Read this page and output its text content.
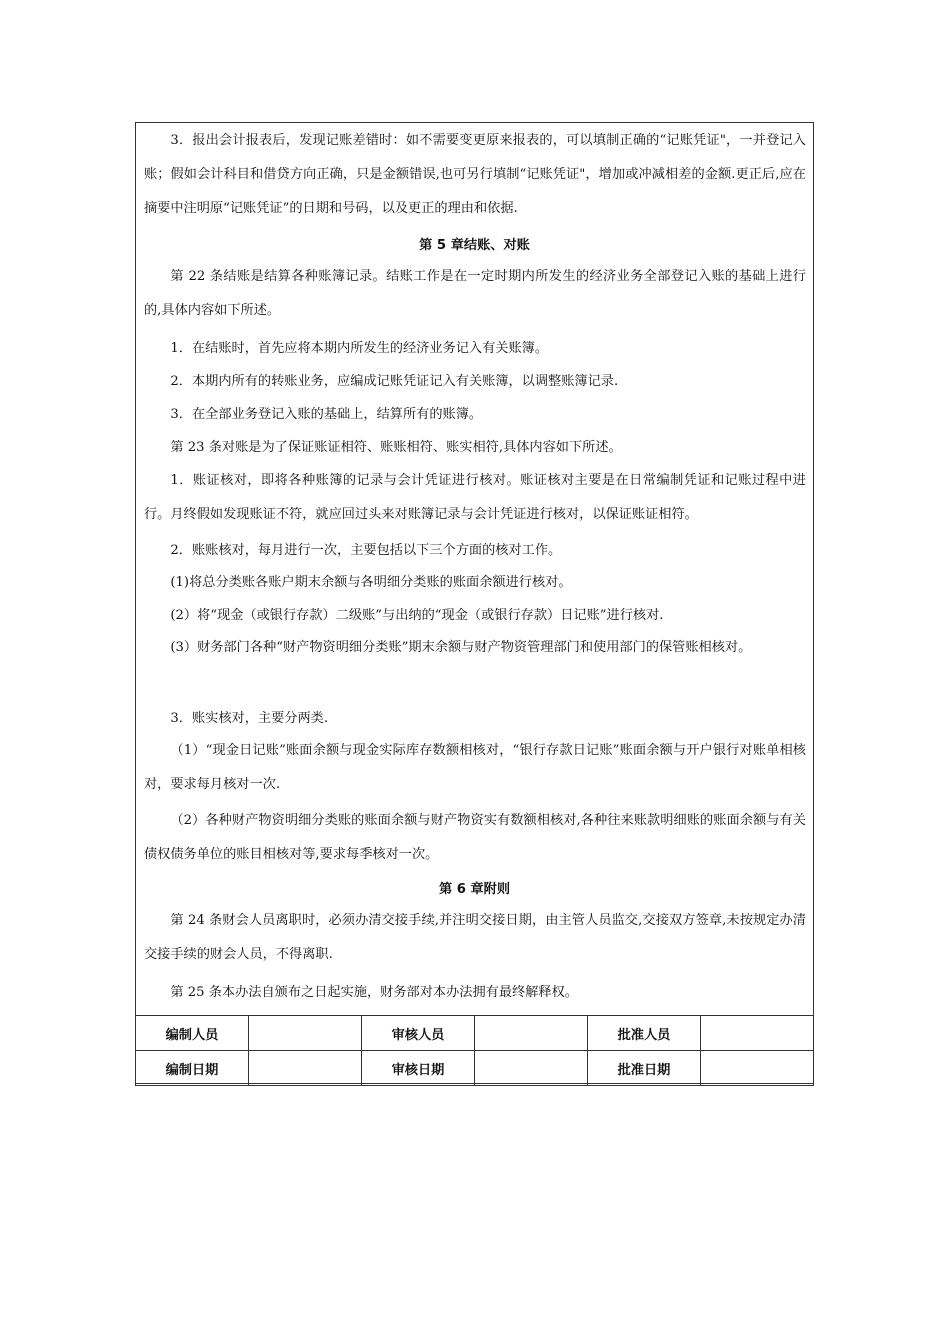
3．报出会计报表后，发现记账差错时：如不需要变更原来报表的，可以填制正确的“记账凭证"，一并登记入账；假如会计科目和借贷方向正确，只是金额错误,也可另行填制“记账凭证"，增加或冲减相差的金额.更正后,应在摘要中注明原“记账凭证”的日期和号码，以及更正的理由和依据.
第 5 章结账、对账
第 22 条结账是结算各种账簿记录。结账工作是在一定时期内所发生的经济业务全部登记入账的基础上进行的,具体内容如下所述。
1．在结账时，首先应将本期内所发生的经济业务记入有关账簿。
2．本期内所有的转账业务，应编成记账凭证记入有关账簿，以调整账簿记录.
3．在全部业务登记入账的基础上，结算所有的账簿。
第 23 条对账是为了保证账证相符、账账相符、账实相符,具体内容如下所述。
1．账证核对，即将各种账簿的记录与会计凭证进行核对。账证核对主要是在日常编制凭证和记账过程中进行。月终假如发现账证不符，就应回过头来对账簿记录与会计凭证进行核对，以保证账证相符。
2．账账核对，每月进行一次，主要包括以下三个方面的核对工作。
(1)将总分类账各账户期末余额与各明细分类账的账面余额进行核对。
(2）将“现金（或银行存款）二级账”与出纳的“现金（或银行存款）日记账”进行核对.
(3）财务部门各种“财产物资明细分类账”期末余额与财产物资管理部门和使用部门的保管账相核对。
3．账实核对，主要分两类.
（1）“现金日记账”账面余额与现金实际库存数额相核对，“银行存款日记账”账面余额与开户银行对账单相核对，要求每月核对一次.
（2）各种财产物资明细分类账的账面余额与财产物资实有数额相核对,各种往来账款明细账的账面余额与有关债权债务单位的账目相核对等,要求每季核对一次。
第 6 章附则
第 24 条财会人员离职时，必须办清交接手续,并注明交接日期，由主管人员监交,交接双方签章,未按规定办清交接手续的财会人员，不得离职.
第 25 条本办法自颁布之日起实施，财务部对本办法拥有最终解释权。
编制人员		审核人员		批准人员	
编制日期		审核日期		批准日期	
